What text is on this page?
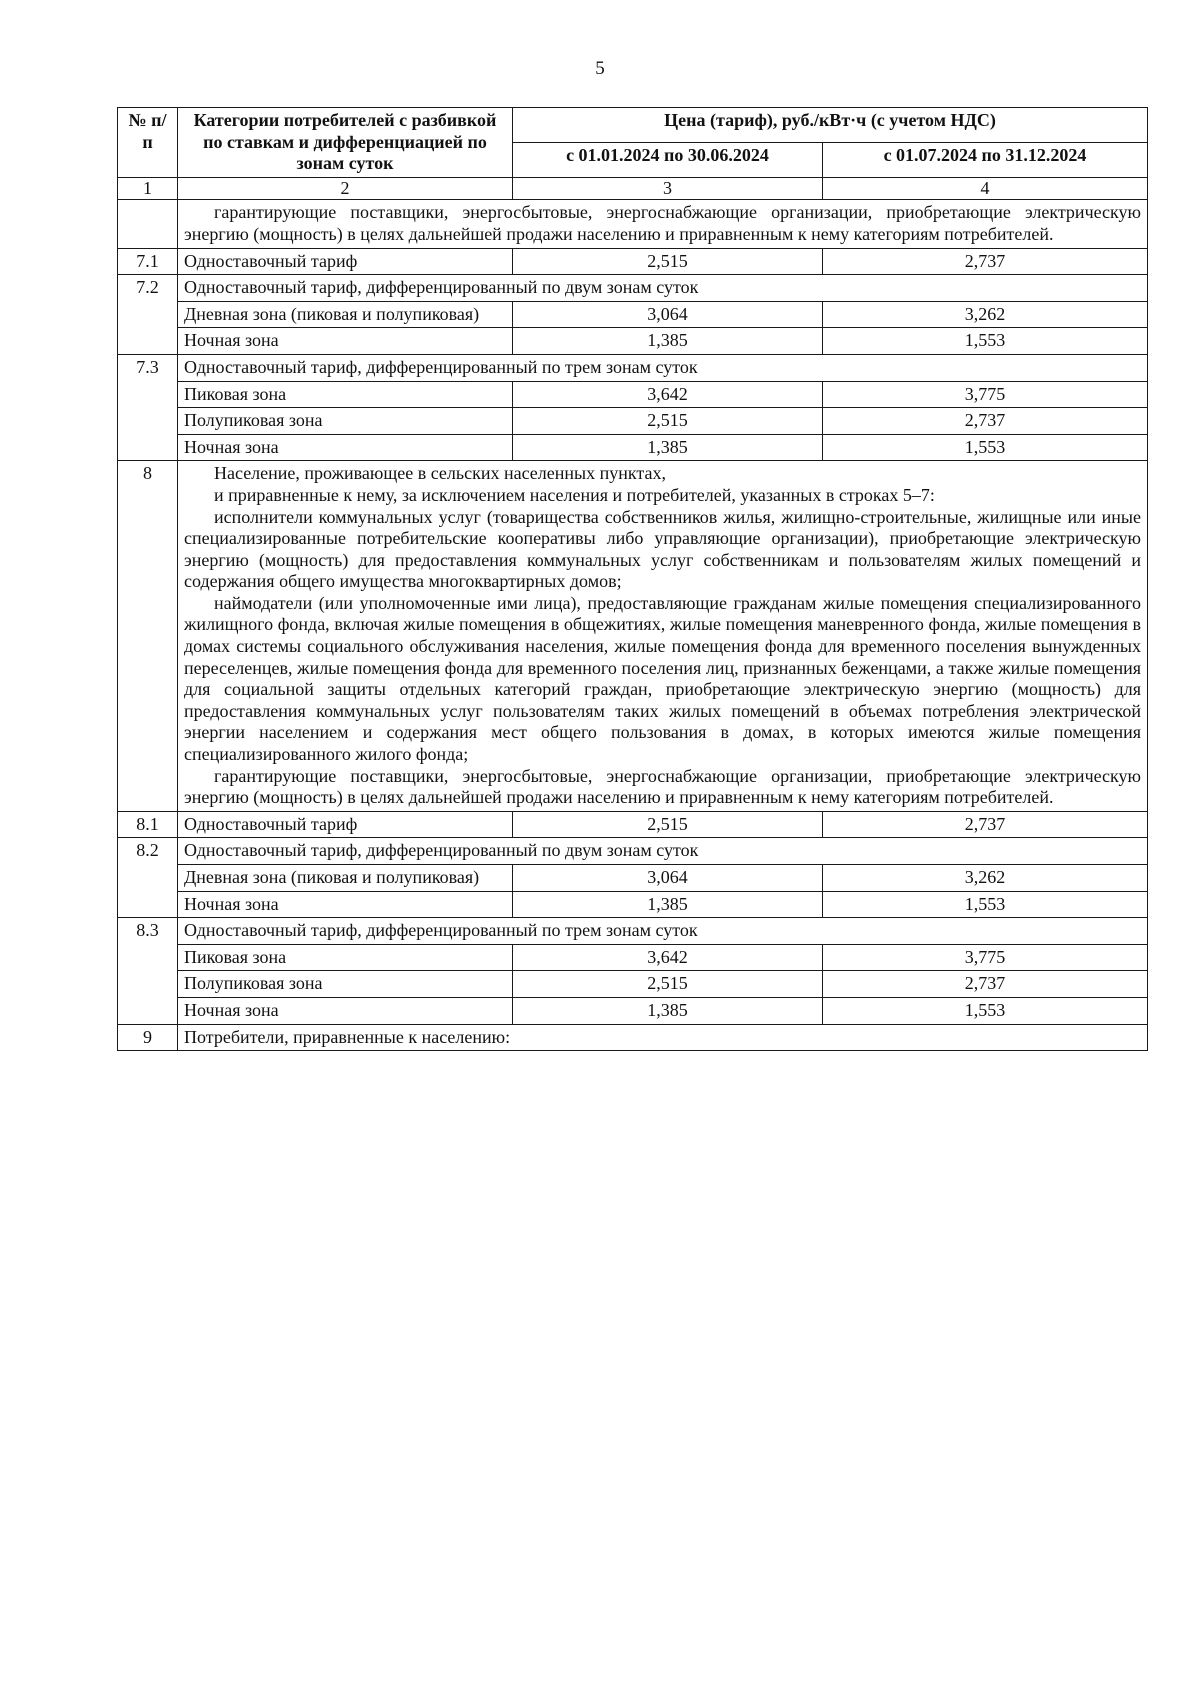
5
№ п/п	Категории потребителей с разбивкой по ставкам и дифференциацией по зонам суток	Цена (тариф), руб./кВт·ч (с учетом НДС)	
		с 01.01.2024 по 30.06.2024	с 01.07.2024 по 31.12.2024
1	2	3	4

	гарантирующие поставщики, энергосбытовые, энергоснабжающие организации, приобретающие электрическую энергию (мощность) в целях дальнейшей продажи населению и приравненным к нему категориям потребителей.		

7.1	Одноставочный тариф	2,515	2,737
7.2	Одноставочный тариф, дифференцированный по двум зонам суток		
	Дневная зона (пиковая и полупиковая)	3,064	3,262
	Ночная зона	1,385	1,553
7.3	Одноставочный тариф, дифференцированный по трем зонам суток		
	Пиковая зона	3,642	3,775
	Полупиковая зона	2,515	2,737
	Ночная зона	1,385	1,553
8	Население, проживающее в сельских населенных пунктах,

и приравненные к нему, за исключением населения и потребителей, указанных в строках 5–7:

исполнители коммунальных услуг (товарищества собственников жилья, жилищно-строительные, жилищные или иные специализированные потребительские кооперативы либо управляющие организации), приобретающие электрическую энергию (мощность) для предоставления коммунальных услуг собственникам и пользователям жилых помещений и содержания общего имущества многоквартирных домов;

наймодатели (или уполномоченные ими лица), предоставляющие гражданам жилые помещения специализированного жилищного фонда, включая жилые помещения в общежитиях, жилые помещения маневренного фонда, жилые помещения в домах системы социального обслуживания населения, жилые помещения фонда для временного поселения вынужденных переселенцев, жилые помещения фонда для временного поселения лиц, признанных беженцами, а также жилые помещения для социальной защиты отдельных категорий граждан, приобретающие электрическую энергию (мощность) для предоставления коммунальных услуг пользователям таких жилых помещений в объемах потребления электрической энергии населением и содержания мест общего пользования в домах, в которых имеются жилые помещения специализированного жилого фонда;

гарантирующие поставщики, энергосбытовые, энергоснабжающие организации, приобретающие электрическую энергию (мощность) в целях дальнейшей продажи населению и приравненным к нему категориям потребителей.		

8.1	Одноставочный тариф	2,515	2,737
8.2	Одноставочный тариф, дифференцированный по двум зонам суток		
	Дневная зона (пиковая и полупиковая)	3,064	3,262
	Ночная зона	1,385	1,553
8.3	Одноставочный тариф, дифференцированный по трем зонам суток		
	Пиковая зона	3,642	3,775
	Полупиковая зона	2,515	2,737
	Ночная зона	1,385	1,553
9	Потребители, приравненные к населению:		
